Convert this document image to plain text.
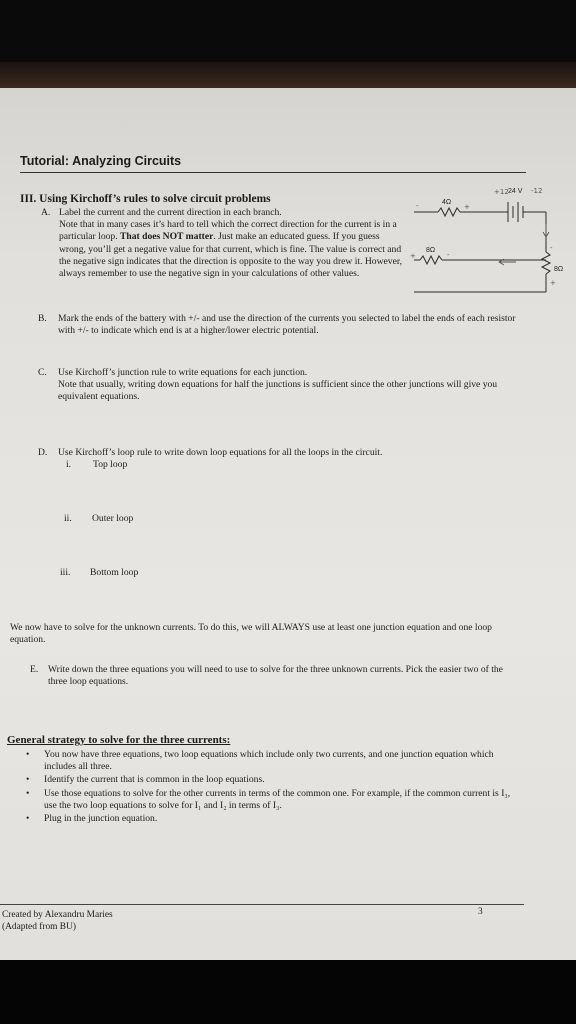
Tutorial: Analyzing Circuits
III. Using Kirchoff’s rules to solve circuit problems
A. Label the current and the current direction in each branch.
Note that in many cases it’s hard to tell which the correct direction for the current is in a particular loop. That does NOT matter. Just make an educated guess. If you guess wrong, you’ll get a negative value for that current, which is fine. The value is correct and the negative sign indicates that the direction is opposite to the way you drew it. However, always remember to use the negative sign in your calculations of other values.
4Ω
8Ω
8Ω
24 V
+12	-12
-	+
+	-
-
+
B. Mark the ends of the battery with +/- and use the direction of the currents you selected to label the ends of each resistor with +/- to indicate which end is at a higher/lower electric potential.
C. Use Kirchoff’s junction rule to write equations for each junction.
Note that usually, writing down equations for half the junctions is sufficient since the other junctions will give you equivalent equations.
D. Use Kirchoff’s loop rule to write down loop equations for all the loops in the circuit.
i. Top loop
ii. Outer loop
iii. Bottom loop
We now have to solve for the unknown currents. To do this, we will ALWAYS use at least one junction equation and one loop equation.
E. Write down the three equations you will need to use to solve for the three unknown currents. Pick the easier two of the three loop equations.
General strategy to solve for the three currents:
• You now have three equations, two loop equations which include only two currents, and one junction equation which includes all three.
• Identify the current that is common in the loop equations.
• Use those equations to solve for the other currents in terms of the common one. For example, if the common current is I₃, use the two loop equations to solve for I₁ and I₂ in terms of I₃.
• Plug in the junction equation.
Created by Alexandru Maries
(Adapted from BU)
3
